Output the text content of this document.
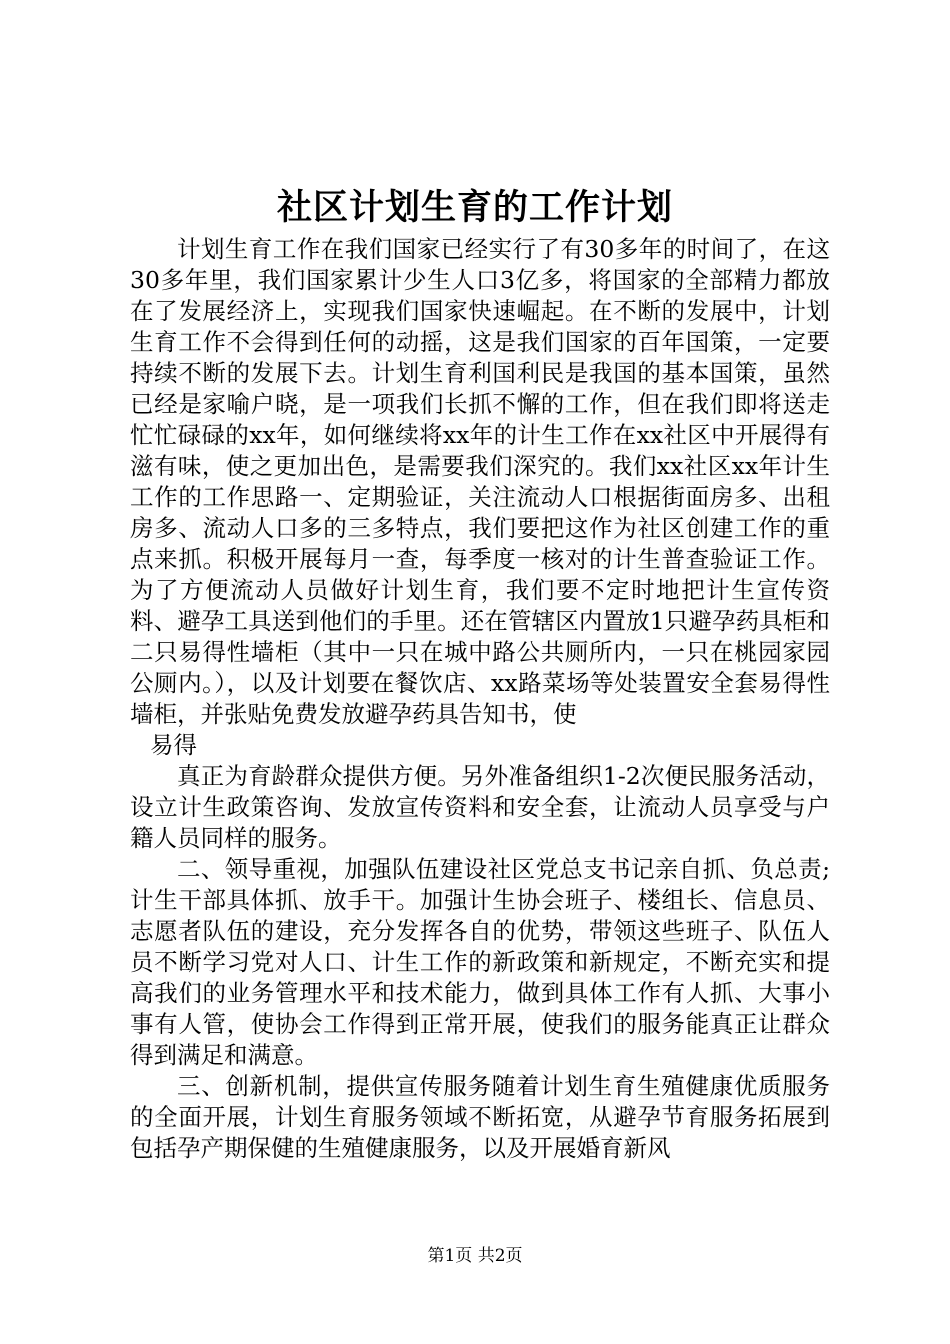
社区计划生育的工作计划

计划生育工作在我们国家已经实行了有30多年的时间了，在这30多年里，我们国家累计少生人口3亿多，将国家的全部精力都放在了发展经济上，实现我们国家快速崛起。在不断的发展中，计划生育工作不会得到任何的动摇，这是我们国家的百年国策，一定要持续不断的发展下去。计划生育利国利民是我国的基本国策，虽然已经是家喻户晓，是一项我们长抓不懈的工作，但在我们即将送走忙忙碌碌的xx年，如何继续将xx年的计生工作在xx社区中开展得有滋有味，使之更加出色，是需要我们深究的。我们xx社区xx年计生工作的工作思路一、定期验证，关注流动人口根据街面房多、出租房多、流动人口多的三多特点，我们要把这作为社区创建工作的重点来抓。积极开展每月一查，每季度一核对的计生普查验证工作。为了方便流动人员做好计划生育，我们要不定时地把计生宣传资料、避孕工具送到他们的手里。还在管辖区内置放1只避孕药具柜和二只易得性墙柜（其中一只在城中路公共厕所内，一只在桃园家园公厕内。），以及计划要在餐饮店、xx路菜场等处装置安全套易得性墙柜，并张贴免费发放避孕药具告知书，使

易得

真正为育龄群众提供方便。另外准备组织1-2次便民服务活动，设立计生政策咨询、发放宣传资料和安全套，让流动人员享受与户籍人员同样的服务。

二、领导重视，加强队伍建设社区党总支书记亲自抓、负总责;计生干部具体抓、放手干。加强计生协会班子、楼组长、信息员、志愿者队伍的建设，充分发挥各自的优势，带领这些班子、队伍人员不断学习党对人口、计生工作的新政策和新规定，不断充实和提高我们的业务管理水平和技术能力，做到具体工作有人抓、大事小事有人管，使协会工作得到正常开展，使我们的服务能真正让群众得到满足和满意。

三、创新机制，提供宣传服务随着计划生育生殖健康优质服务的全面开展，计划生育服务领域不断拓宽，从避孕节育服务拓展到包括孕产期保健的生殖健康服务，以及开展婚育新风

第1页 共2页
